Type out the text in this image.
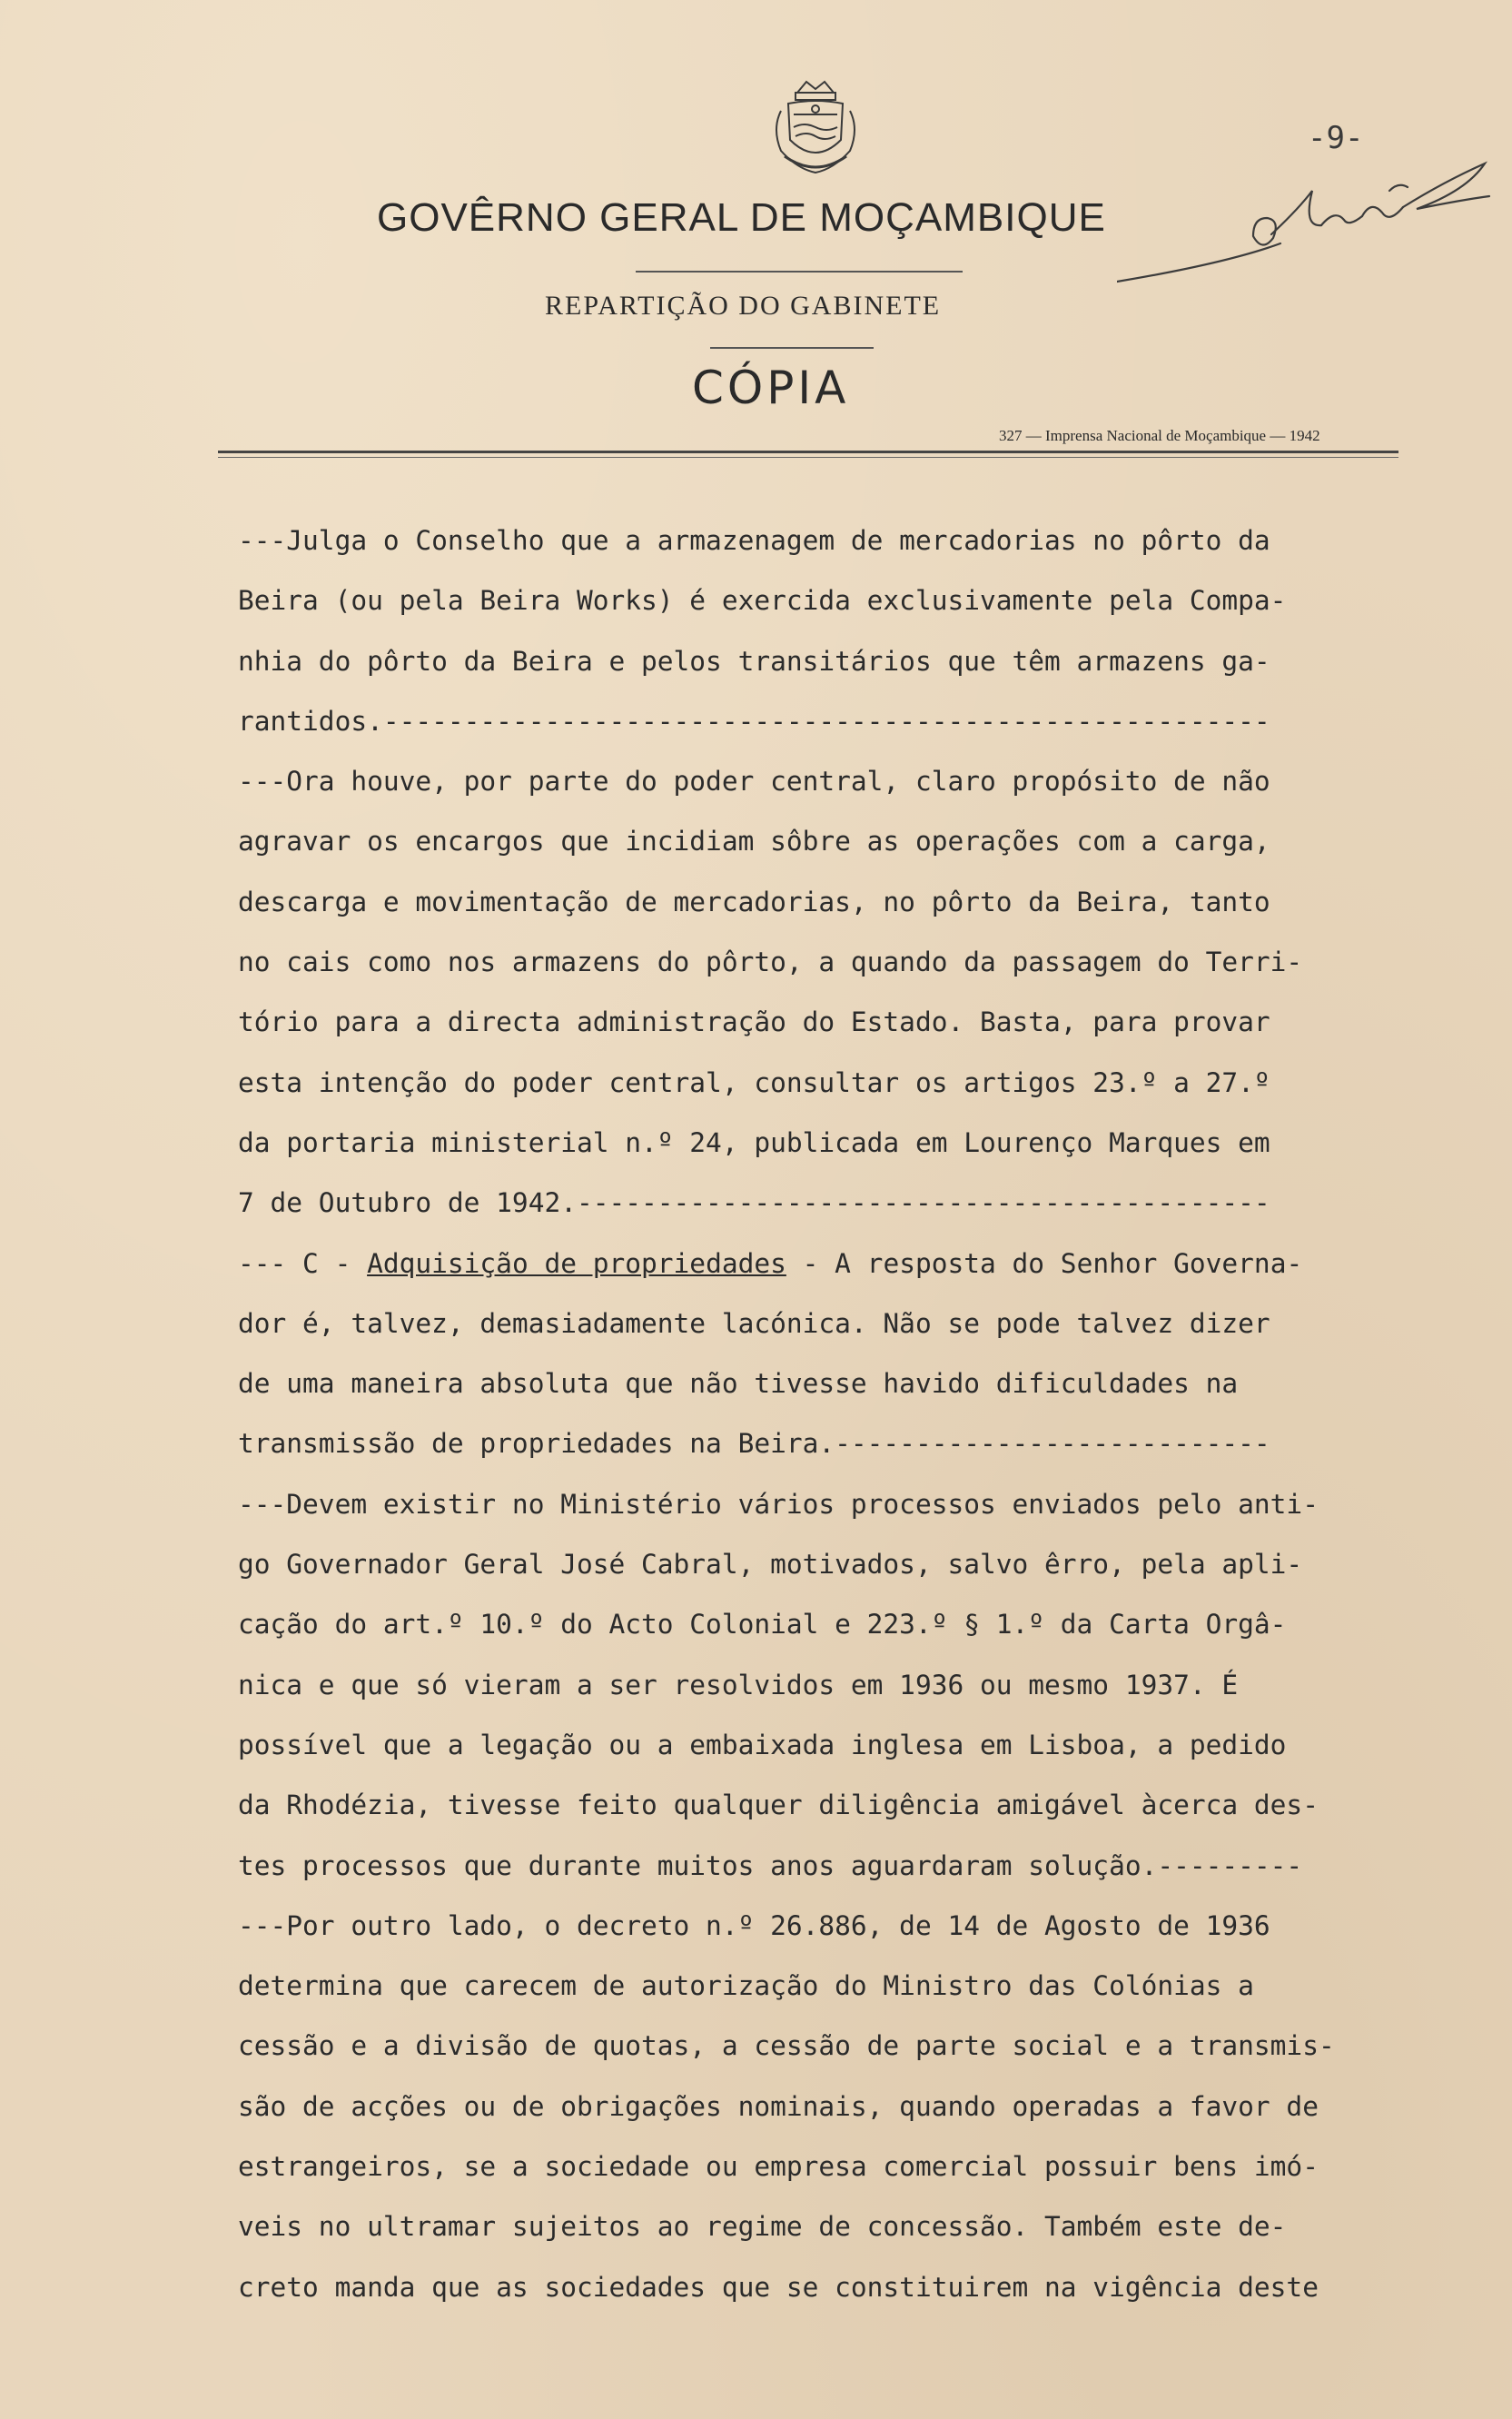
-9-
GOVÊRNO GERAL DE MOÇAMBIQUE
REPARTIÇÃO DO GABINETE
CÓPIA
327 — Imprensa Nacional de Moçambique — 1942
---Julga o Conselho que a armazenagem de mercadorias no pôrto da
Beira (ou pela Beira Works) é exercida exclusivamente pela Compa-
nhia do pôrto da Beira e pelos transitários que têm armazens ga-
rantidos.-------------------------------------------------------
---Ora houve, por parte do poder central, claro propósito de não
agravar os encargos que incidiam sôbre as operações com a carga,
descarga e movimentação de mercadorias, no pôrto da Beira, tanto
no cais como nos armazens do pôrto, a quando da passagem do Terri-
tório para a directa administração do Estado. Basta, para provar
esta intenção do poder central, consultar os artigos 23.º a 27.º
da portaria ministerial n.º 24, publicada em Lourenço Marques em
7 de Outubro de 1942.-------------------------------------------
--- C - Adquisição de propriedades - A resposta do Senhor Governa-
dor é, talvez, demasiadamente lacónica. Não se pode talvez dizer
de uma maneira absoluta que não tivesse havido dificuldades na
transmissão de propriedades na Beira.---------------------------
---Devem existir no Ministério vários processos enviados pelo anti-
go Governador Geral José Cabral, motivados, salvo êrro, pela apli-
cação do art.º 10.º do Acto Colonial e 223.º § 1.º da Carta Orgâ-
nica e que só vieram a ser resolvidos em 1936 ou mesmo 1937. É
possível que a legação ou a embaixada inglesa em Lisboa, a pedido
da Rhodézia, tivesse feito qualquer diligência amigável àcerca des-
tes processos que durante muitos anos aguardaram solução.---------
---Por outro lado, o decreto n.º 26.886, de 14 de Agosto de 1936
determina que carecem de autorização do Ministro das Colónias a
cessão e a divisão de quotas, a cessão de parte social e a transmis-
são de acções ou de obrigações nominais, quando operadas a favor de
estrangeiros, se a sociedade ou empresa comercial possuir bens imó-
veis no ultramar sujeitos ao regime de concessão. Também este de-
creto manda que as sociedades que se constituirem na vigência deste
